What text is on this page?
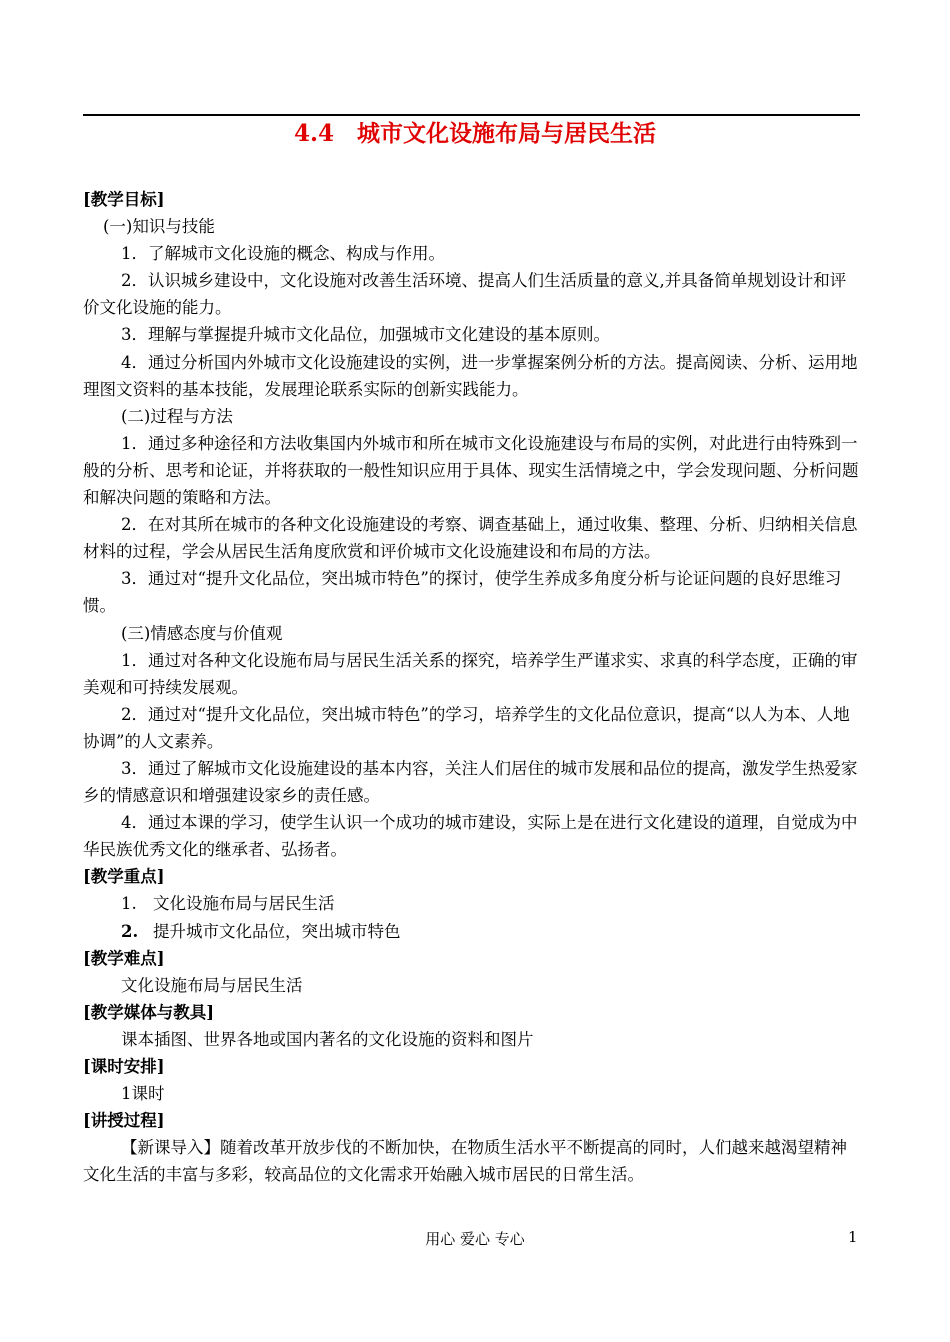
4.4　城市文化设施布局与居民生活

[教学目标]

(一)知识与技能

1．了解城市文化设施的概念、构成与作用。

2．认识城乡建设中，文化设施对改善生活环境、提高人们生活质量的意义,并具备简单规划设计和评价文化设施的能力。

3．理解与掌握提升城市文化品位，加强城市文化建设的基本原则。

4．通过分析国内外城市文化设施建设的实例，进一步掌握案例分析的方法。提高阅读、分析、运用地理图文资料的基本技能，发展理论联系实际的创新实践能力。

(二)过程与方法

1．通过多种途径和方法收集国内外城市和所在城市文化设施建设与布局的实例，对此进行由特殊到一般的分析、思考和论证，并将获取的一般性知识应用于具体、现实生活情境之中，学会发现问题、分析问题和解决问题的策略和方法。

2．在对其所在城市的各种文化设施建设的考察、调查基础上，通过收集、整理、分析、归纳相关信息材料的过程，学会从居民生活角度欣赏和评价城市文化设施建设和布局的方法。

3．通过对“提升文化品位，突出城市特色”的探讨，使学生养成多角度分析与论证问题的良好思维习惯。

(三)情感态度与价值观

1．通过对各种文化设施布局与居民生活关系的探究，培养学生严谨求实、求真的科学态度，正确的审美观和可持续发展观。

2．通过对“提升文化品位，突出城市特色”的学习，培养学生的文化品位意识，提高“以人为本、人地协调”的人文素养。

3．通过了解城市文化设施建设的基本内容，关注人们居住的城市发展和品位的提高，激发学生热爱家乡的情感意识和增强建设家乡的责任感。

4．通过本课的学习，使学生认识一个成功的城市建设，实际上是在进行文化建设的道理，自觉成为中华民族优秀文化的继承者、弘扬者。

[教学重点]

1. 文化设施布局与居民生活

2. 提升城市文化品位，突出城市特色

[教学难点]

文化设施布局与居民生活

[教学媒体与教具]

课本插图、世界各地或国内著名的文化设施的资料和图片

[课时安排]

1课时

[讲授过程]

【新课导入】随着改革开放步伐的不断加快，在物质生活水平不断提高的同时，人们越来越渴望精神文化生活的丰富与多彩，较高品位的文化需求开始融入城市居民的日常生活。

用心 爱心 专心	1
